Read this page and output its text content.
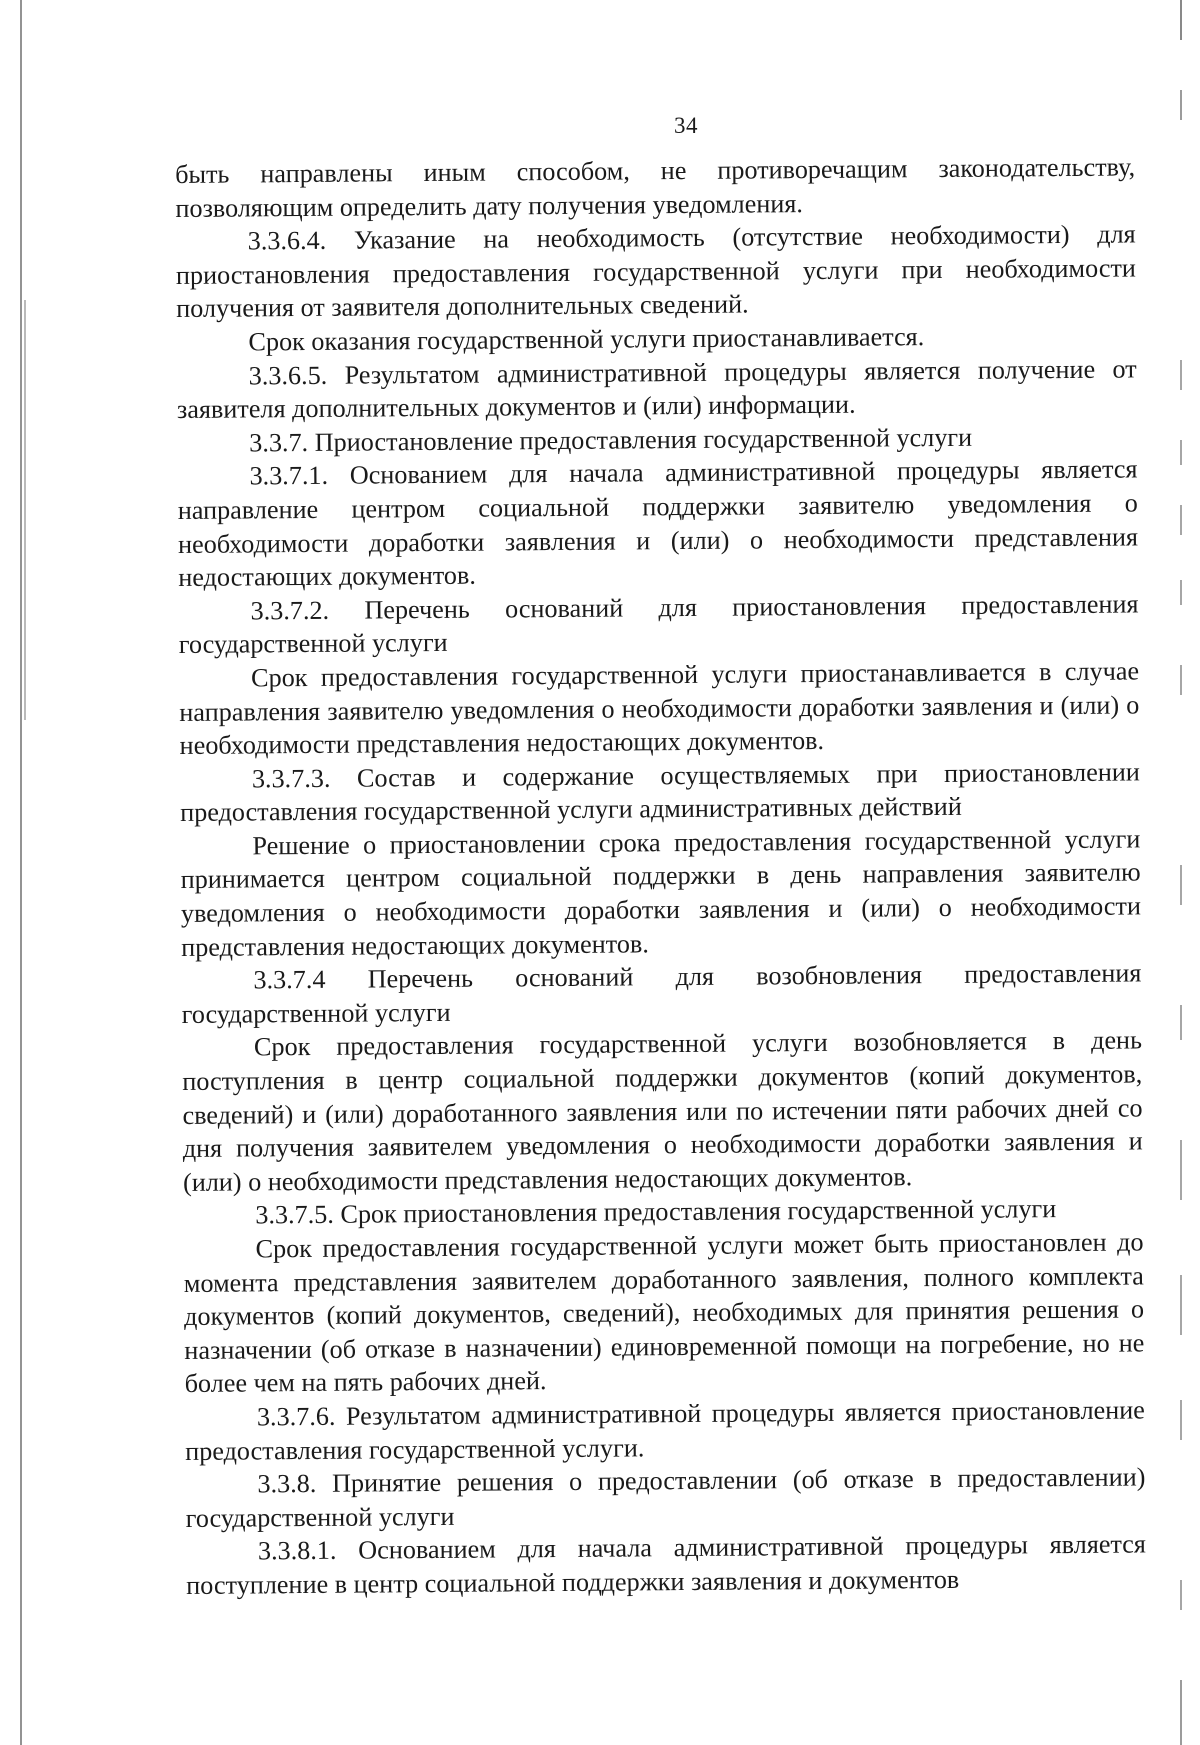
34

быть направлены иным способом, не противоречащим законодательству, позволяющим определить дату получения уведомления.

3.3.6.4. Указание на необходимость (отсутствие необходимости) для приостановления предоставления государственной услуги при необходимости получения от заявителя дополнительных сведений.

Срок оказания государственной услуги приостанавливается.

3.3.6.5. Результатом административной процедуры является получение от заявителя дополнительных документов и (или) информации.

3.3.7. Приостановление предоставления государственной услуги

3.3.7.1. Основанием для начала административной процедуры является направление центром социальной поддержки заявителю уведомления о необходимости доработки заявления и (или) о необходимости представления недостающих документов.

3.3.7.2. Перечень оснований для приостановления предоставления государственной услуги

Срок предоставления государственной услуги приостанавливается в случае направления заявителю уведомления о необходимости доработки заявления и (или) о необходимости представления недостающих документов.

3.3.7.3. Состав и содержание осуществляемых при приостановлении предоставления государственной услуги административных действий

Решение о приостановлении срока предоставления государственной услуги принимается центром социальной поддержки в день направления заявителю уведомления о необходимости доработки заявления и (или) о необходимости представления недостающих документов.

3.3.7.4 Перечень оснований для возобновления предоставления государственной услуги

Срок предоставления государственной услуги возобновляется в день поступления в центр социальной поддержки документов (копий документов, сведений) и (или) доработанного заявления или по истечении пяти рабочих дней со дня получения заявителем уведомления о необходимости доработки заявления и (или) о необходимости представления недостающих документов.

3.3.7.5. Срок приостановления предоставления государственной услуги

Срок предоставления государственной услуги может быть приостановлен до момента представления заявителем доработанного заявления, полного комплекта документов (копий документов, сведений), необходимых для принятия решения о назначении (об отказе в назначении) единовременной помощи на погребение, но не более чем на пять рабочих дней.

3.3.7.6. Результатом административной процедуры является приостановление предоставления государственной услуги.

3.3.8. Принятие решения о предоставлении (об отказе в предоставлении) государственной услуги

3.3.8.1. Основанием для начала административной процедуры является поступление в центр социальной поддержки заявления и документов
